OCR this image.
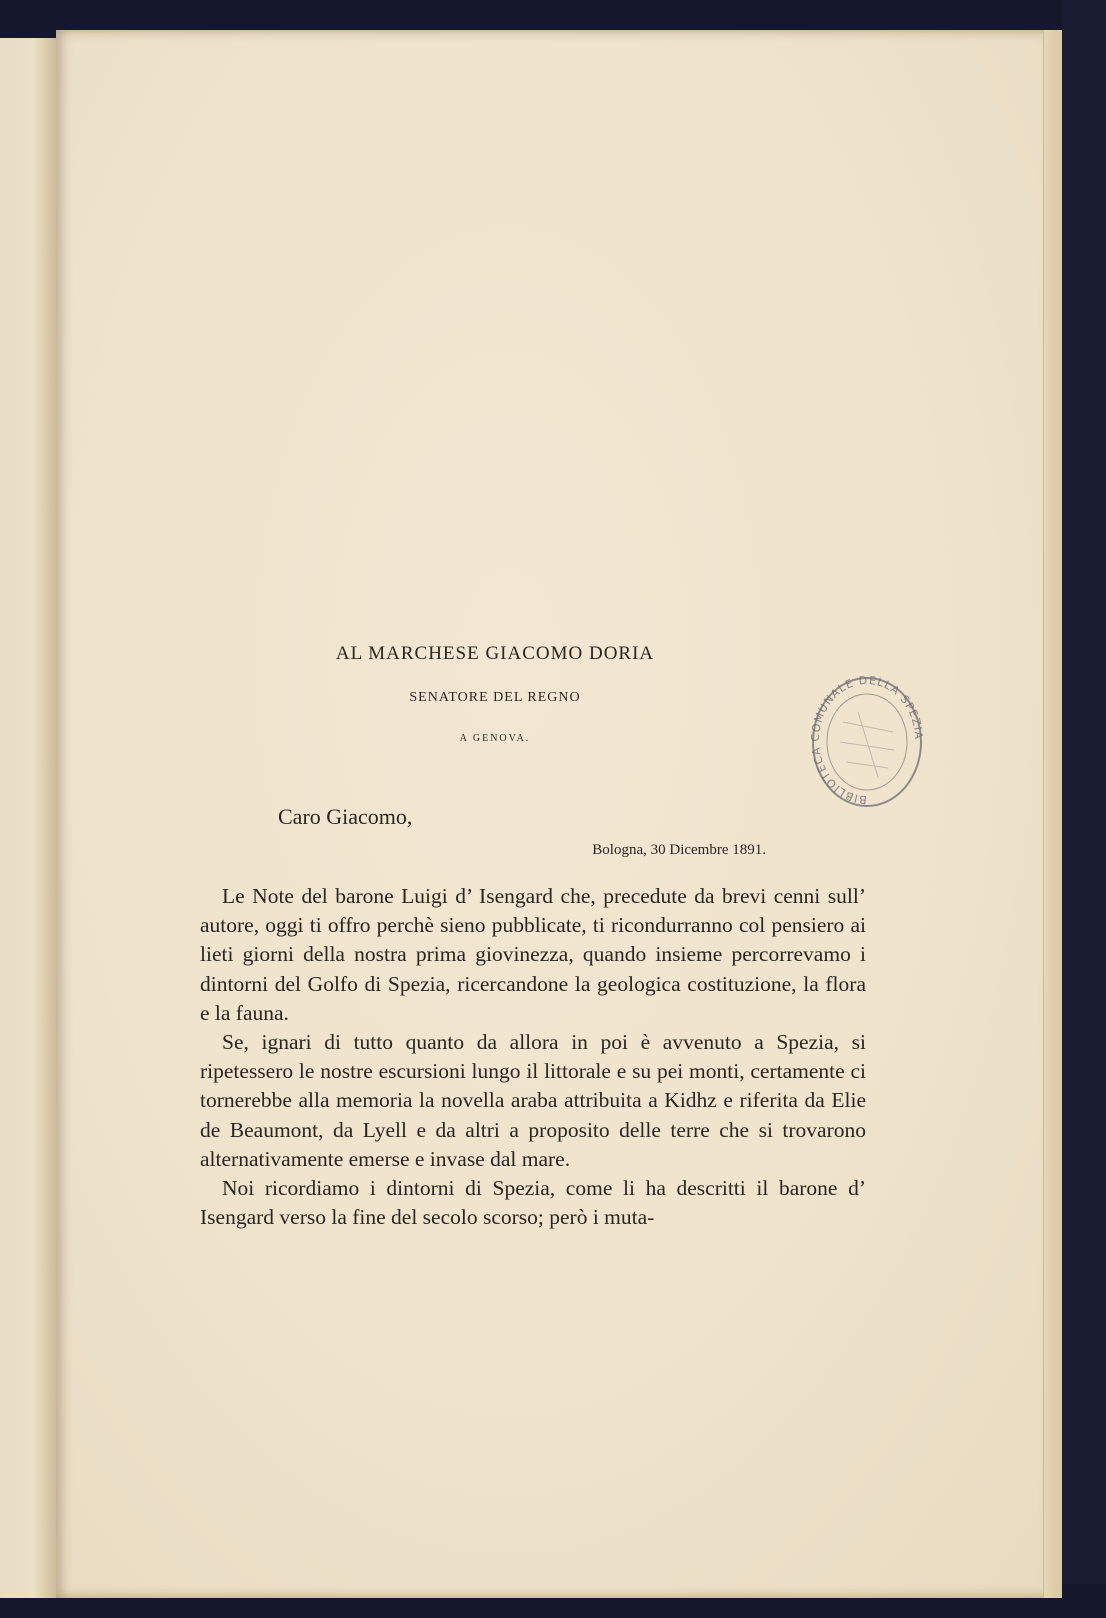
AL MARCHESE GIACOMO DORIA
SENATORE DEL REGNO
A GENOVA.
Caro Giacomo,
Bologna, 30 Dicembre 1891.

Le Note del barone Luigi d’ Isengard che, precedute da brevi cenni sull’ autore, oggi ti offro perchè sieno pubblicate, ti ricondurranno col pensiero ai lieti giorni della nostra prima giovinezza, quando insieme percorrevamo i dintorni del Golfo di Spezia, ricercandone la geologica costituzione, la flora e la fauna.

Se, ignari di tutto quanto da allora in poi è avvenuto a Spezia, si ripetessero le nostre escursioni lungo il littorale e su pei monti, certamente ci tornerebbe alla memoria la novella araba attribuita a Kidhz e riferita da Elie de Beaumont, da Lyell e da altri a proposito delle terre che si trovarono alternativamente emerse e invase dal mare.

Noi ricordiamo i dintorni di Spezia, come li ha descritti il barone d’ Isengard verso la fine del secolo scorso; però i muta-

BIBLIOTECA COMUNALE DELLA SPEZIA
